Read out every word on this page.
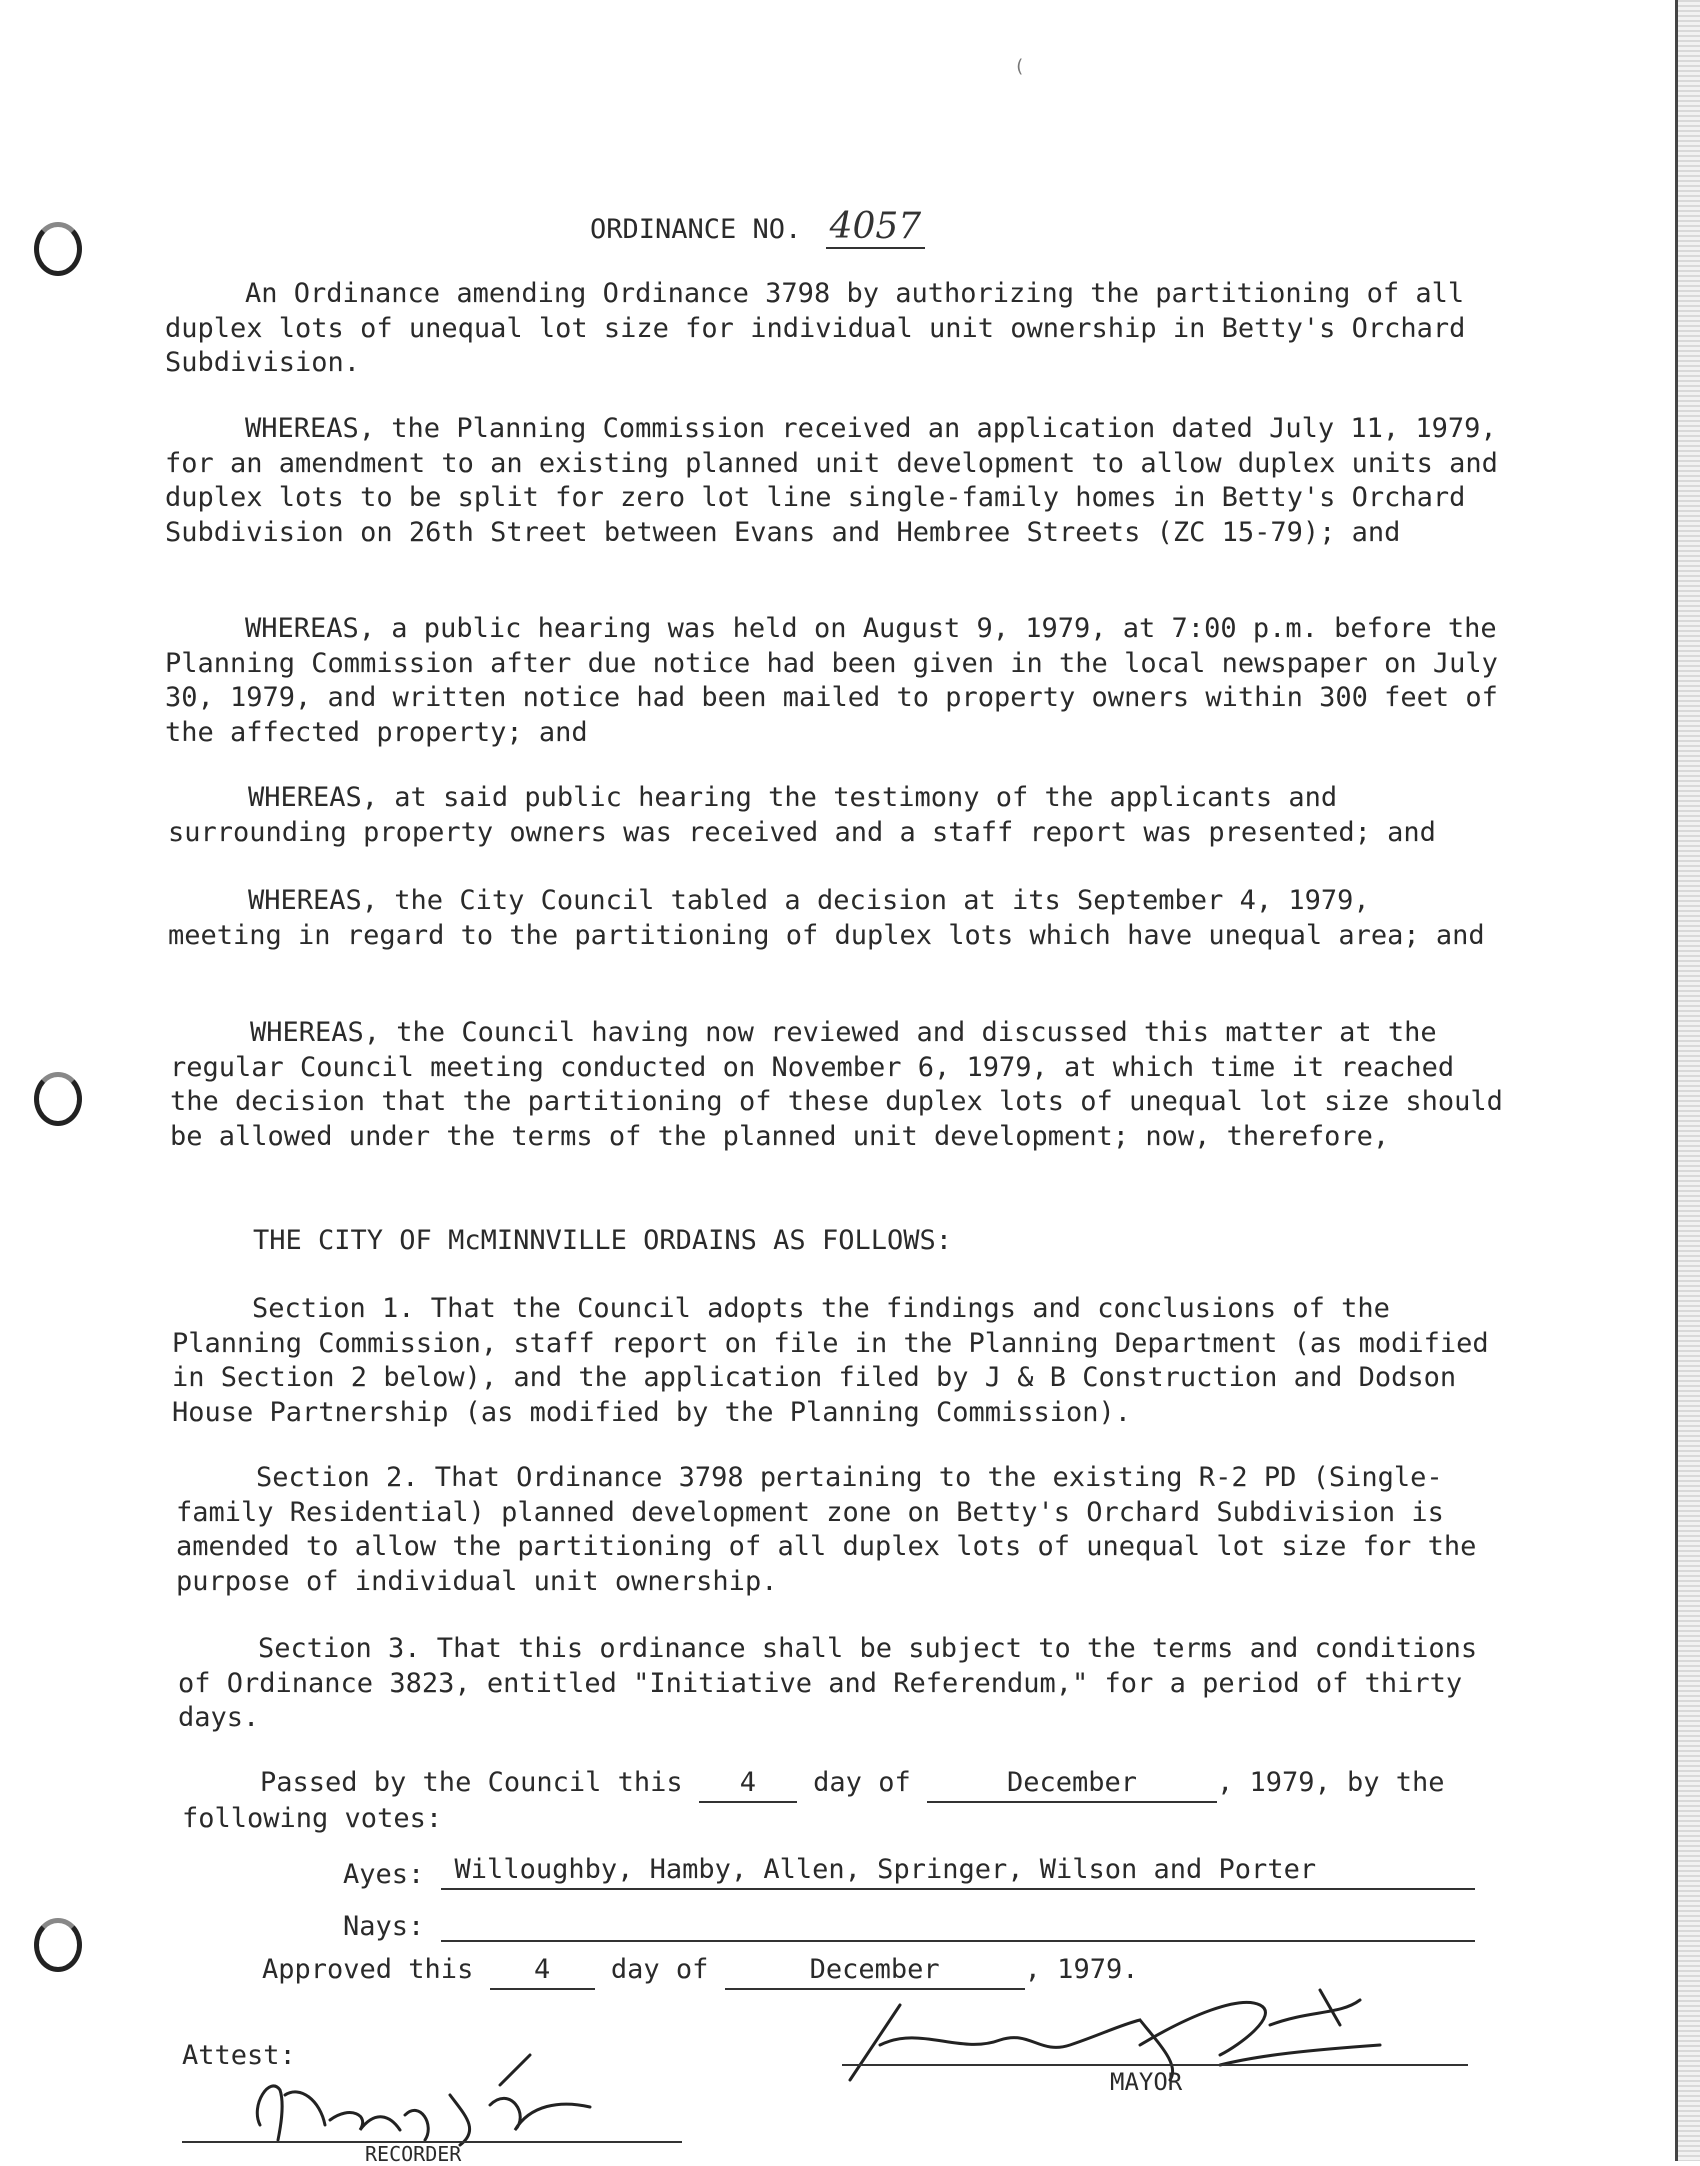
(
ORDINANCE NO. 4057

An Ordinance amending Ordinance 3798 by authorizing the partitioning of all duplex lots of unequal lot size for individual unit ownership in Betty's Orchard Subdivision.

WHEREAS, the Planning Commission received an application dated July 11, 1979, for an amendment to an existing planned unit development to allow duplex units and duplex lots to be split for zero lot line single-family homes in Betty's Orchard Subdivision on 26th Street between Evans and Hembree Streets (ZC 15-79); and

WHEREAS, a public hearing was held on August 9, 1979, at 7:00 p.m. before the Planning Commission after due notice had been given in the local newspaper on July 30, 1979, and written notice had been mailed to property owners within 300 feet of the affected property; and

WHEREAS, at said public hearing the testimony of the applicants and surrounding property owners was received and a staff report was presented; and

WHEREAS, the City Council tabled a decision at its September 4, 1979, meeting in regard to the partitioning of duplex lots which have unequal area; and

WHEREAS, the Council having now reviewed and discussed this matter at the regular Council meeting conducted on November 6, 1979, at which time it reached the decision that the partitioning of these duplex lots of unequal lot size should be allowed under the terms of the planned unit development; now, therefore,

THE CITY OF McMINNVILLE ORDAINS AS FOLLOWS:

Section 1. That the Council adopts the findings and conclusions of the Planning Commission, staff report on file in the Planning Department (as modified in Section 2 below), and the application filed by J & B Construction and Dodson House Partnership (as modified by the Planning Commission).

Section 2. That Ordinance 3798 pertaining to the existing R-2 PD (Single-family Residential) planned development zone on Betty's Orchard Subdivision is amended to allow the partitioning of all duplex lots of unequal lot size for the purpose of individual unit ownership.

Section 3. That this ordinance shall be subject to the terms and conditions of Ordinance 3823, entitled "Initiative and Referendum," for a period of thirty days.

Passed by the Council this 4 day of	December	, 1979, by the
following votes:
Ayes: Willoughby, Hamby, Allen, Springer, Wilson and Porter
Nays:
Approved this 4 day of	December	, 1979.
Attest:
MAYOR
RECORDER
